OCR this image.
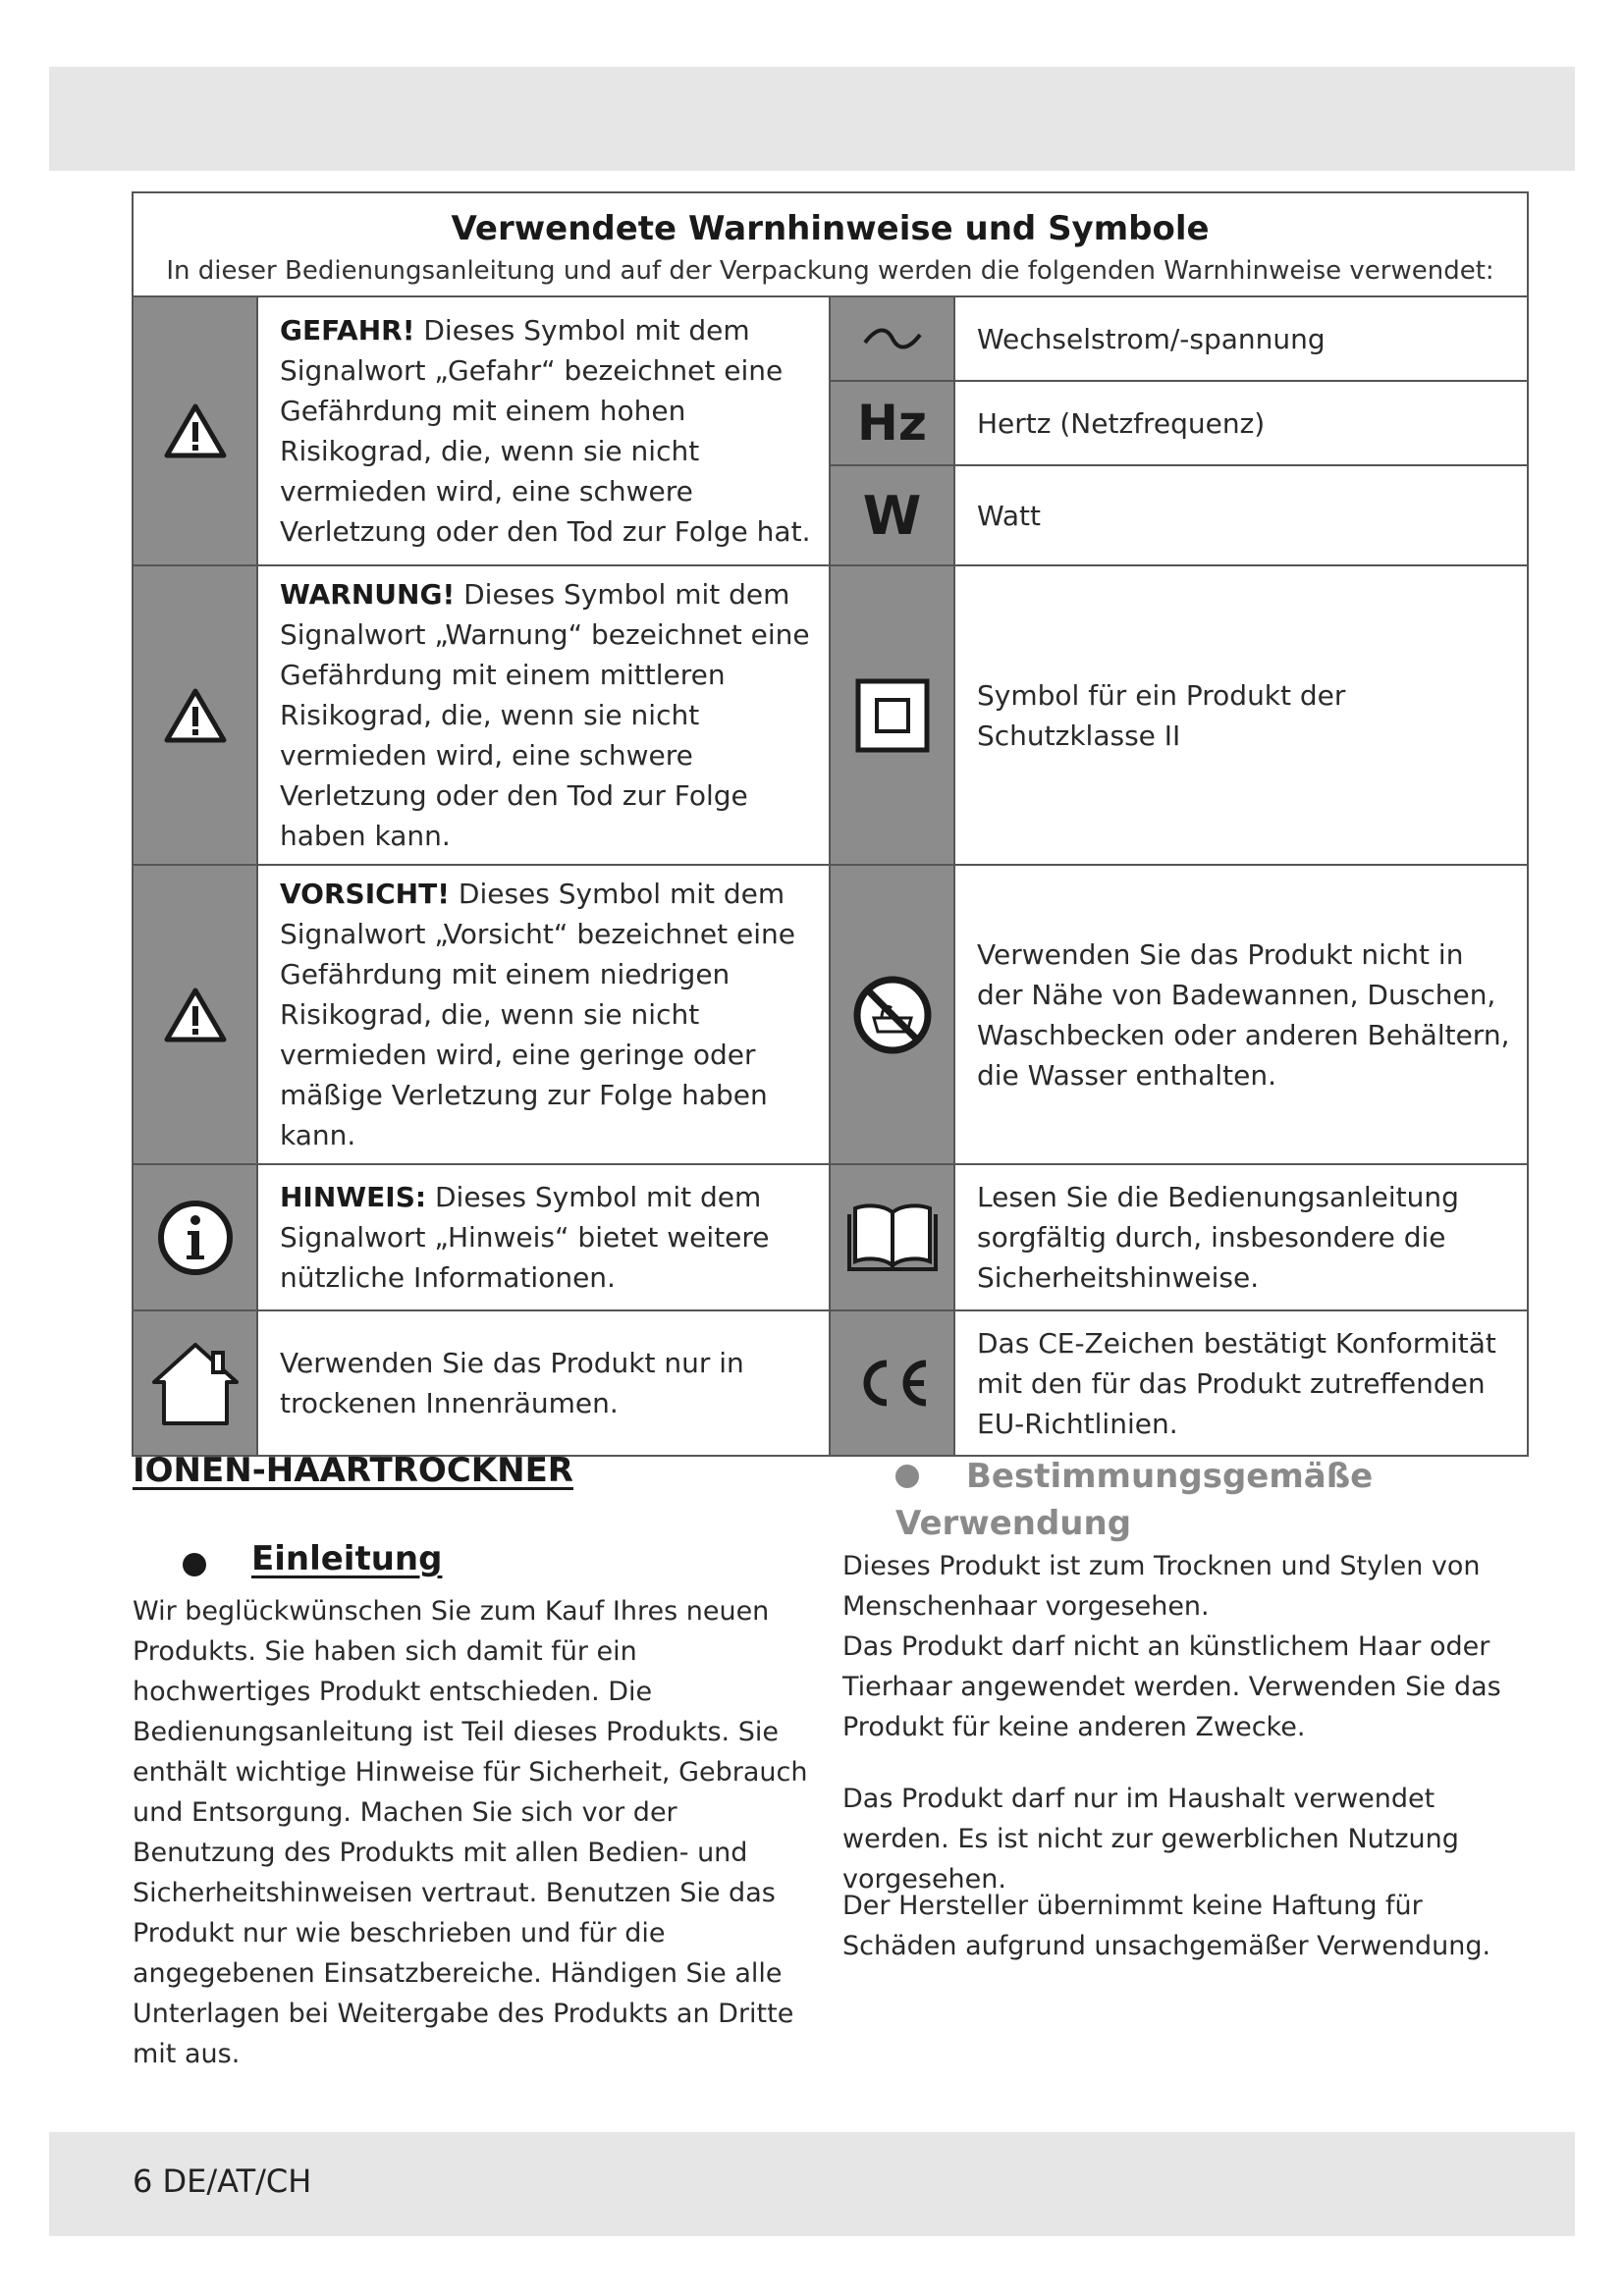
Verwendete Warnhinweise und Symbole
In dieser Bedienungsanleitung und auf der Verpackung werden die folgenden Warnhinweise verwendet:			

	GEFAHR! Dieses Symbol mit dem Signalwort „Gefahr“ bezeichnet eine Gefährdung mit einem hohen Risikograd, die, wenn sie nicht vermieden wird, eine schwere Verletzung oder den Tod zur Folge hat.		Wechselstrom/-spannung
		Hz	Hertz (Netzfrequenz)
		W	Watt

	WARNUNG! Dieses Symbol mit dem Signalwort „Warnung“ bezeichnet eine Gefährdung mit einem mittleren Risikograd, die, wenn sie nicht vermieden wird, eine schwere Verletzung oder den Tod zur Folge haben kann.		Symbol für ein Produkt der Schutzklasse II

	VORSICHT! Dieses Symbol mit dem Signalwort „Vorsicht“ bezeichnet eine Gefährdung mit einem niedrigen Risikograd, die, wenn sie nicht vermieden wird, eine geringe oder mäßige Verletzung zur Folge haben kann.		Verwenden Sie das Produkt nicht in der Nähe von Badewannen, Duschen, Waschbecken oder anderen Behältern, die Wasser enthalten.

	HINWEIS: Dieses Symbol mit dem Signalwort „Hinweis“ bietet weitere nützliche Informationen.		Lesen Sie die Bedienungsanleitung sorgfältig durch, insbesondere die Sicherheitshinweise.

	Verwenden Sie das Produkt nur in trockenen Innenräumen.		Das CE-Zeichen bestätigt Konformität mit den für das Produkt zutreffenden EU-Richtlinien.
IONEN-HAARTROCKNER
Einleitung
Wir beglückwünschen Sie zum Kauf Ihres neuen Produkts. Sie haben sich damit für ein hochwertiges Produkt entschieden. Die Bedienungsanleitung ist Teil dieses Produkts. Sie enthält wichtige Hinweise für Sicherheit, Gebrauch und Entsorgung. Machen Sie sich vor der Benutzung des Produkts mit allen Bedien- und Sicherheitshinweisen vertraut. Benutzen Sie das Produkt nur wie beschrieben und für die angegebenen Einsatzbereiche. Händigen Sie alle Unterlagen bei Weitergabe des Produkts an Dritte mit aus.
Bestimmungsgemäße
Verwendung
Dieses Produkt ist zum Trocknen und Stylen von Menschenhaar vorgesehen.
Das Produkt darf nicht an künstlichem Haar oder Tierhaar angewendet werden. Verwenden Sie das Produkt für keine anderen Zwecke.
Das Produkt darf nur im Haushalt verwendet werden. Es ist nicht zur gewerblichen Nutzung vorgesehen.
Der Hersteller übernimmt keine Haftung für Schäden aufgrund unsachgemäßer Verwendung.
6 DE/AT/CH
